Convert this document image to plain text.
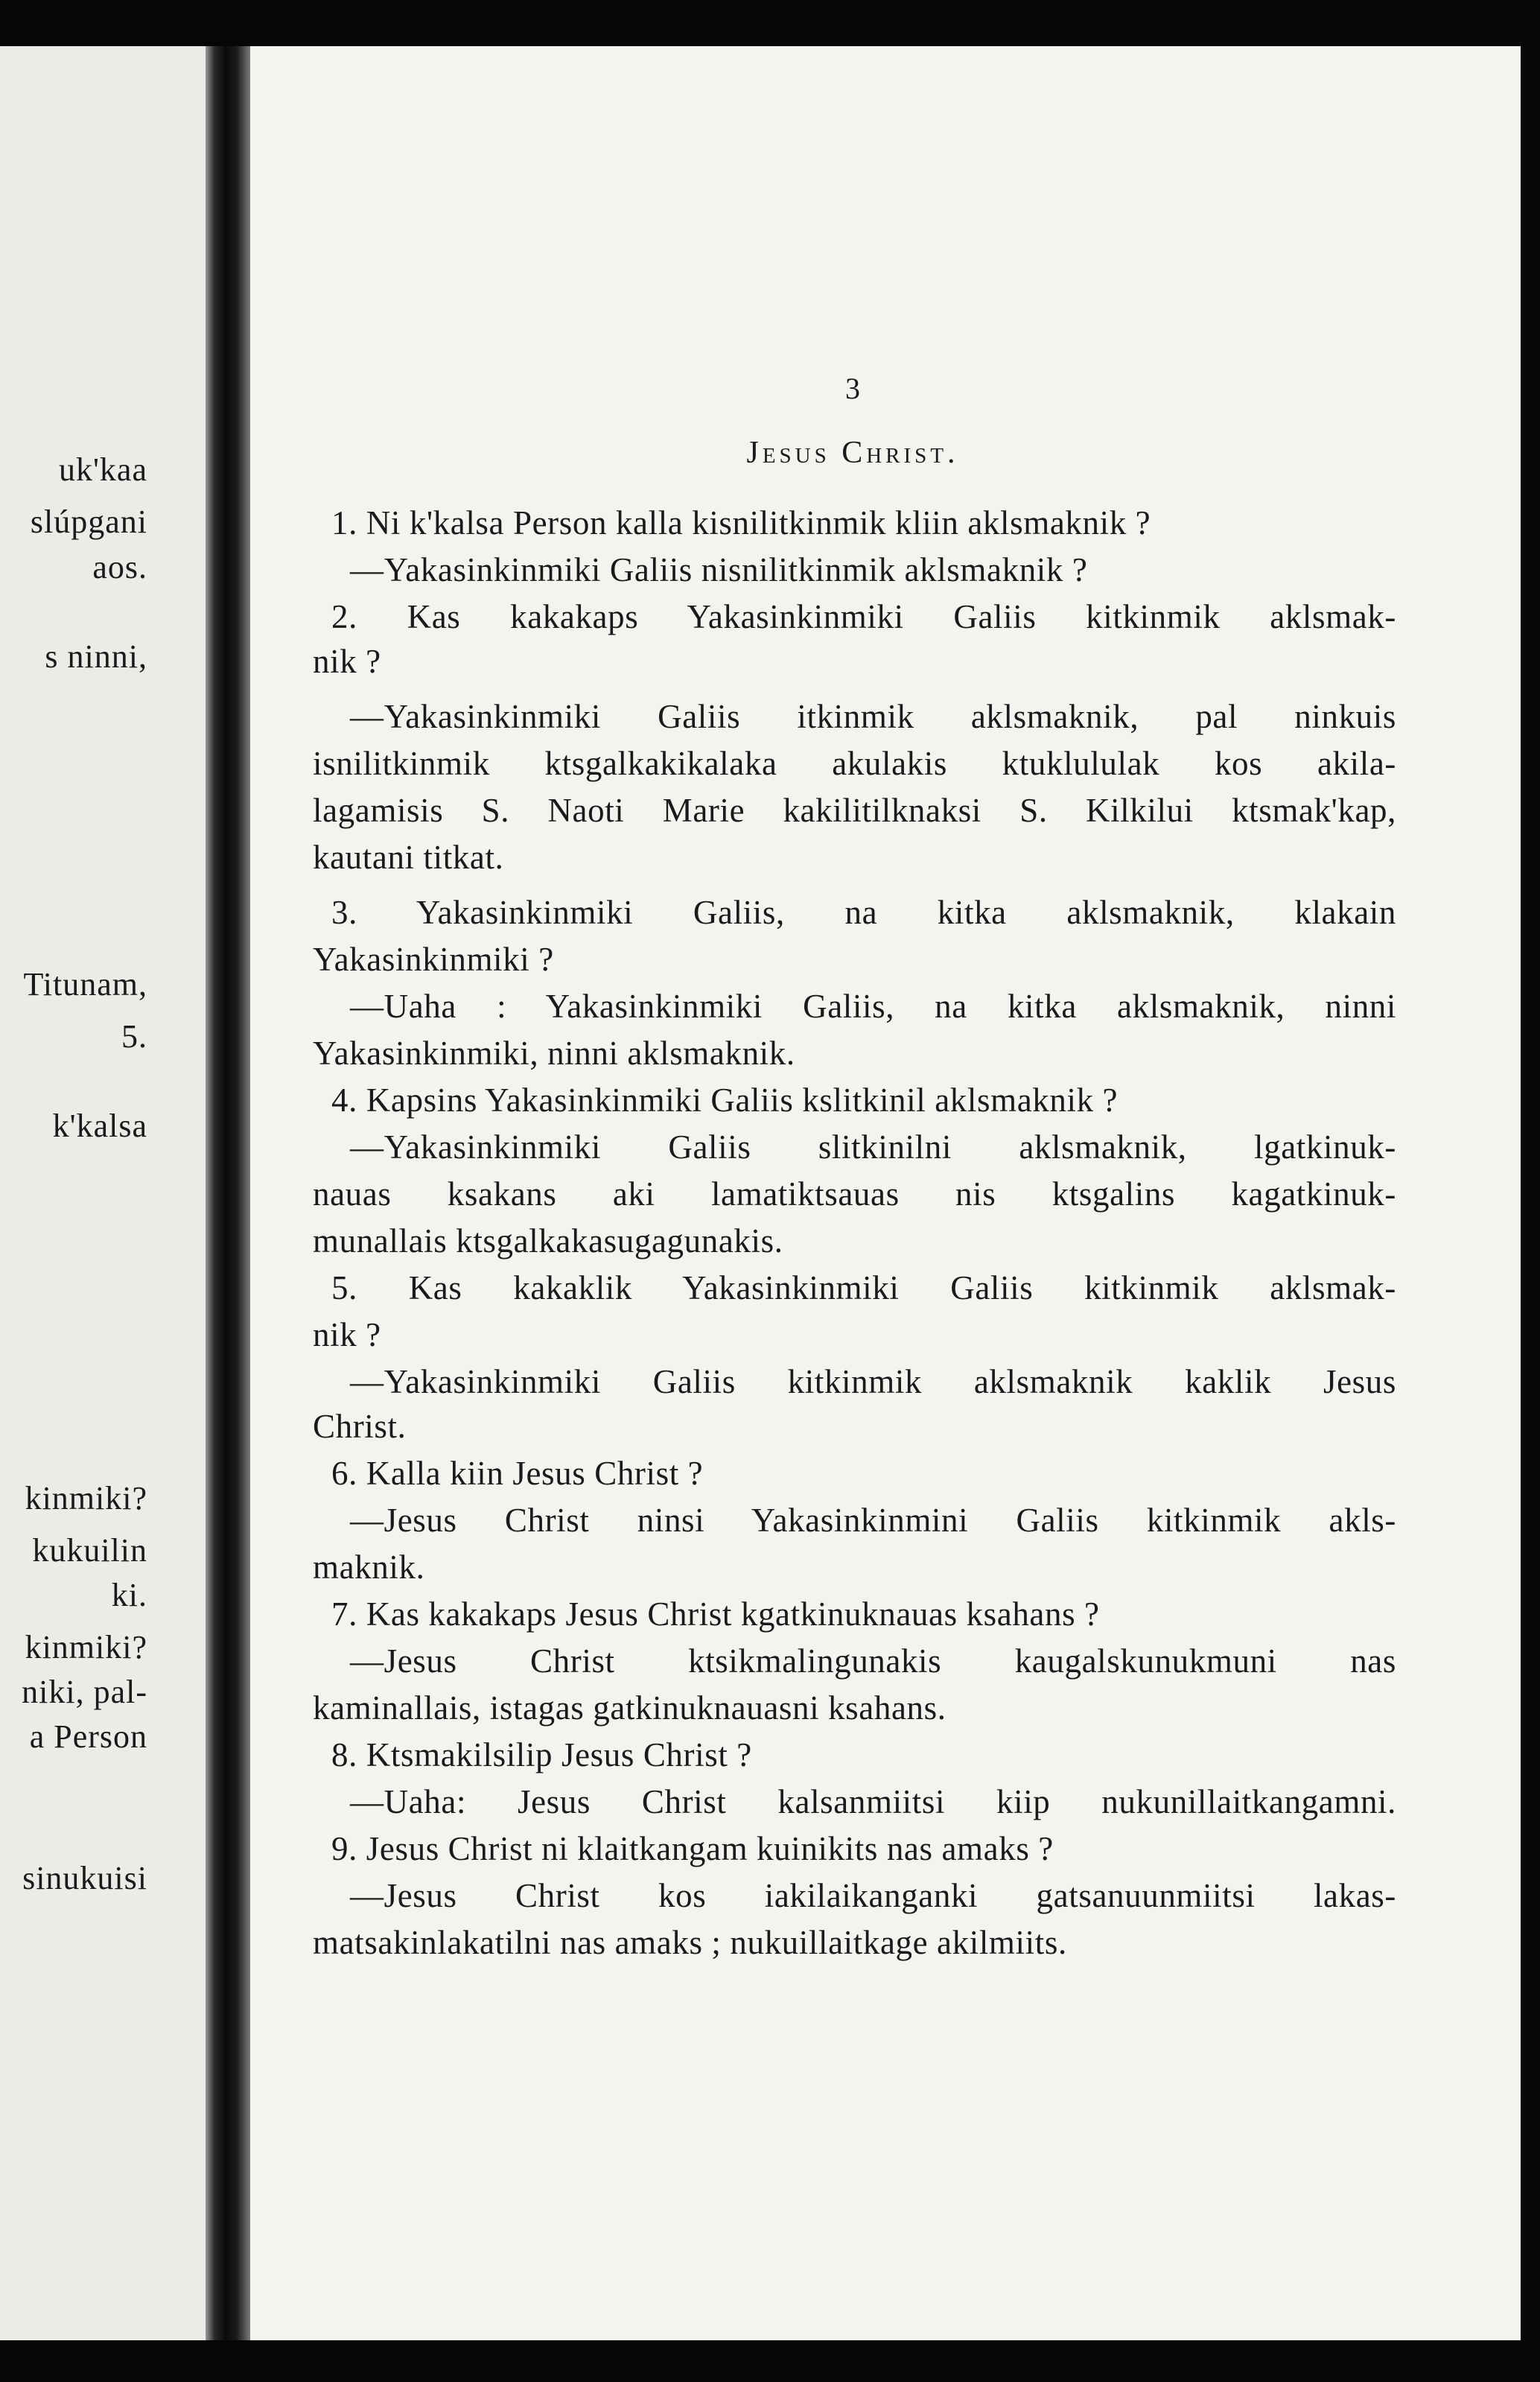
uk'kaa

slúpgani

aos.

s ninni,

Titunam,

5.

k'kalsa

kinmiki?

kukuilin

ki.

kinmiki?

niki, pal-

a Person

sinukuisi

3

Jesus Christ.

1. Ni k'kalsa Person kalla kisnilitkinmik kliin aklsmaknik ?

—Yakasinkinmiki Galiis nisnilitkinmik aklsmaknik ?

2. Kas kakakaps Yakasinkinmiki Galiis kitkinmik aklsmak-

nik ?

—Yakasinkinmiki Galiis itkinmik aklsmaknik, pal ninkuis

isnilitkinmik ktsgalkakikalaka akulakis ktuklululak kos akila-

lagamisis S. Naoti Marie kakilitilknaksi S. Kilkilui ktsmak'kap,

kautani titkat.

3. Yakasinkinmiki Galiis, na kitka aklsmaknik, klakain

Yakasinkinmiki ?

—Uaha : Yakasinkinmiki Galiis, na kitka aklsmaknik, ninni

Yakasinkinmiki, ninni aklsmaknik.

4. Kapsins Yakasinkinmiki Galiis kslitkinil aklsmaknik ?

—Yakasinkinmiki Galiis slitkinilni aklsmaknik, lgatkinuk-

nauas ksakans aki lamatiktsauas nis ktsgalins kagatkinuk-

munallais ktsgalkakasugagunakis.

5. Kas kakaklik Yakasinkinmiki Galiis kitkinmik aklsmak-

nik ?

—Yakasinkinmiki Galiis kitkinmik aklsmaknik kaklik Jesus

Christ.

6. Kalla kiin Jesus Christ ?

—Jesus Christ ninsi Yakasinkinmini Galiis kitkinmik akls-

maknik.

7. Kas kakakaps Jesus Christ kgatkinuknauas ksahans ?

—Jesus Christ ktsikmalingunakis kaugalskunukmuni nas

kaminallais, istagas gatkinuknauasni ksahans.

8. Ktsmakilsilip Jesus Christ ?

—Uaha: Jesus Christ kalsanmiitsi kiip nukunillaitkangamni.

9. Jesus Christ ni klaitkangam kuinikits nas amaks ?

—Jesus Christ kos iakilaikanganki gatsanuunmiitsi lakas-

matsakinlakatilni nas amaks ; nukuillaitkage akilmiits.
